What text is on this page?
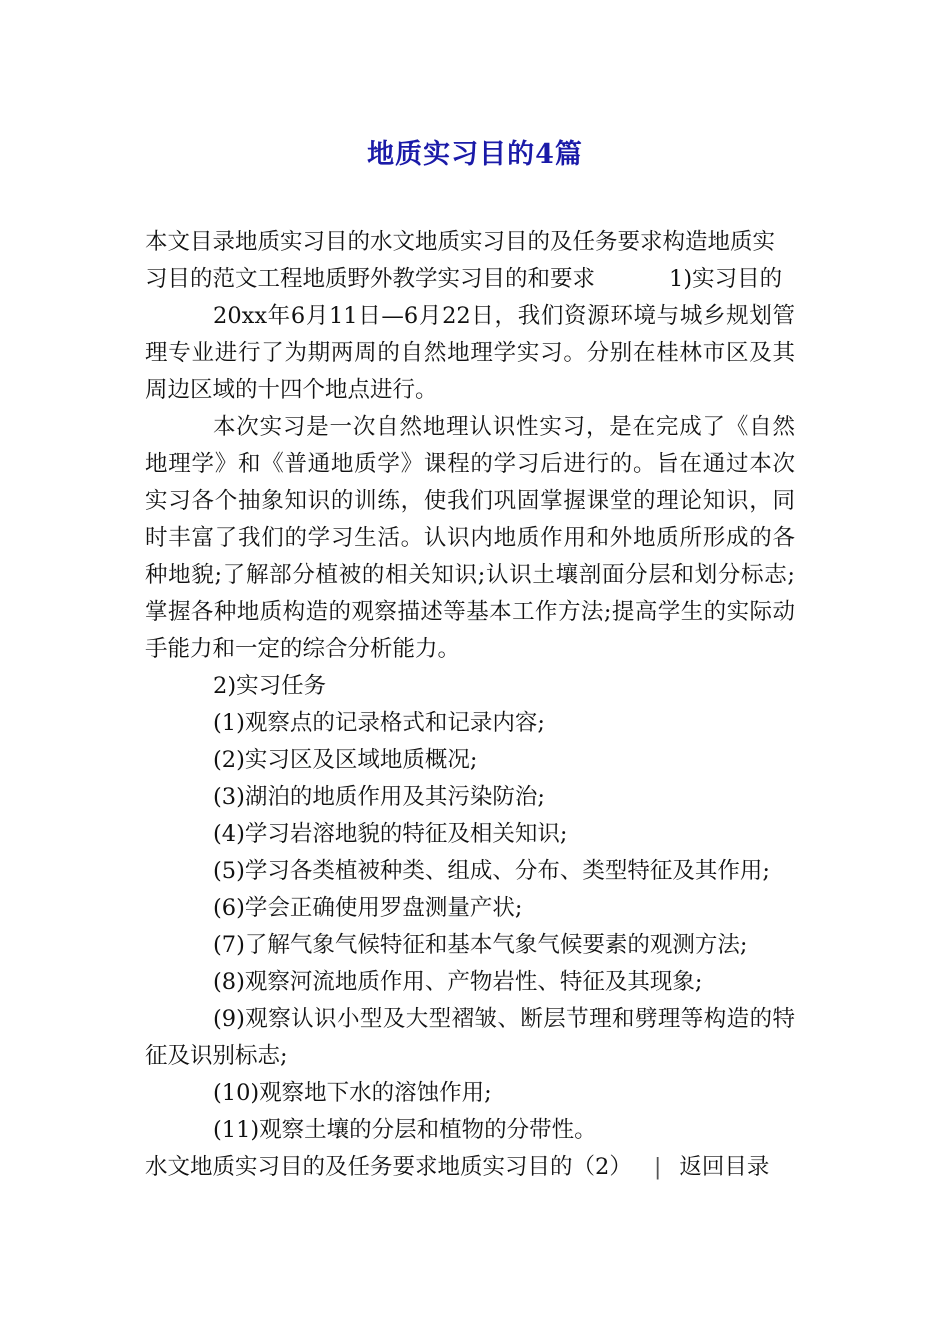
地质实习目的4篇

本文目录地质实习目的水文地质实习目的及任务要求构造地质实习目的范文工程地质野外教学实习目的和要求	1)实习目的

20xx年6月11日—6月22日，我们资源环境与城乡规划管理专业进行了为期两周的自然地理学实习。分别在桂林市区及其周边区域的十四个地点进行。

本次实习是一次自然地理认识性实习，是在完成了《自然地理学》和《普通地质学》课程的学习后进行的。旨在通过本次实习各个抽象知识的训练，使我们巩固掌握课堂的理论知识，同时丰富了我们的学习生活。认识内地质作用和外地质所形成的各种地貌;了解部分植被的相关知识;认识土壤剖面分层和划分标志;掌握各种地质构造的观察描述等基本工作方法;提高学生的实际动手能力和一定的综合分析能力。

2)实习任务

(1)观察点的记录格式和记录内容;

(2)实习区及区域地质概况;

(3)湖泊的地质作用及其污染防治;

(4)学习岩溶地貌的特征及相关知识;

(5)学习各类植被种类、组成、分布、类型特征及其作用;

(6)学会正确使用罗盘测量产状;

(7)了解气象气候特征和基本气象气候要素的观测方法;

(8)观察河流地质作用、产物岩性、特征及其现象;

(9)观察认识小型及大型褶皱、断层节理和劈理等构造的特征及识别标志;

(10)观察地下水的溶蚀作用;

(11)观察土壤的分层和植物的分带性。

水文地质实习目的及任务要求地质实习目的（2） | 返回目录
